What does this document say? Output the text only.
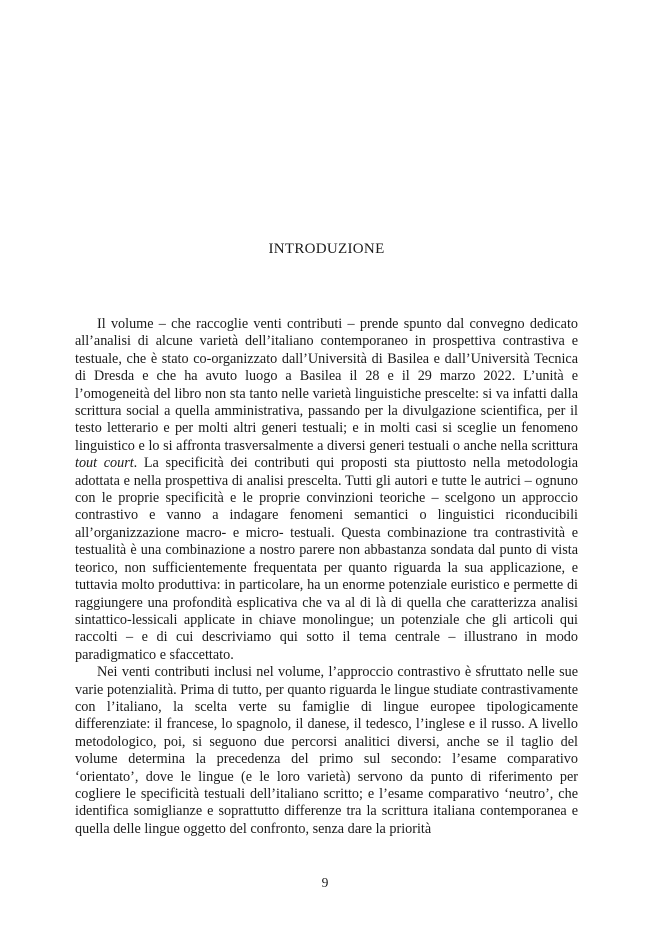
INTRODUZIONE

Il volume – che raccoglie venti contributi – prende spunto dal convegno dedicato all’analisi di alcune varietà dell’italiano contemporaneo in prospettiva contrastiva e testuale, che è stato co-organizzato dall’Università di Basilea e dall’Università Tecnica di Dresda e che ha avuto luogo a Basilea il 28 e il 29 marzo 2022. L’unità e l’omogeneità del libro non sta tanto nelle varietà linguistiche prescelte: si va infatti dalla scrittura social a quella amministrativa, passando per la divulgazione scientifica, per il testo letterario e per molti altri generi testuali; e in molti casi si sceglie un fenomeno linguistico e lo si affronta trasversalmente a diversi generi testuali o anche nella scrittura tout court. La specificità dei contributi qui proposti sta piuttosto nella metodologia adottata e nella prospettiva di analisi prescelta. Tutti gli autori e tutte le autrici – ognuno con le proprie specificità e le proprie convinzioni teoriche – scelgono un approccio contrastivo e vanno a indagare fenomeni semantici o linguistici riconducibili all’organizzazione macro- e micro- testuali. Questa combinazione tra contrastività e testualità è una combinazione a nostro parere non abbastanza sondata dal punto di vista teorico, non sufficientemente frequentata per quanto riguarda la sua applicazione, e tuttavia molto produttiva: in particolare, ha un enorme potenziale euristico e permette di raggiungere una profondità esplicativa che va al di là di quella che caratterizza analisi sintattico-lessicali applicate in chiave monolingue; un potenziale che gli articoli qui raccolti – e di cui descriviamo qui sotto il tema centrale – illustrano in modo paradigmatico e sfaccettato.

Nei venti contributi inclusi nel volume, l’approccio contrastivo è sfruttato nelle sue varie potenzialità. Prima di tutto, per quanto riguarda le lingue studiate contrastivamente con l’italiano, la scelta verte su famiglie di lingue europee tipologicamente differenziate: il francese, lo spagnolo, il danese, il tedesco, l’inglese e il russo. A livello metodologico, poi, si seguono due percorsi analitici diversi, anche se il taglio del volume determina la precedenza del primo sul secondo: l’esame comparativo ‘orientato’, dove le lingue (e le loro varietà) servono da punto di riferimento per cogliere le specificità testuali dell’italiano scritto; e l’esame comparativo ‘neutro’, che identifica somiglianze e soprattutto differenze tra la scrittura italiana contemporanea e quella delle lingue oggetto del confronto, senza dare la priorità

9
